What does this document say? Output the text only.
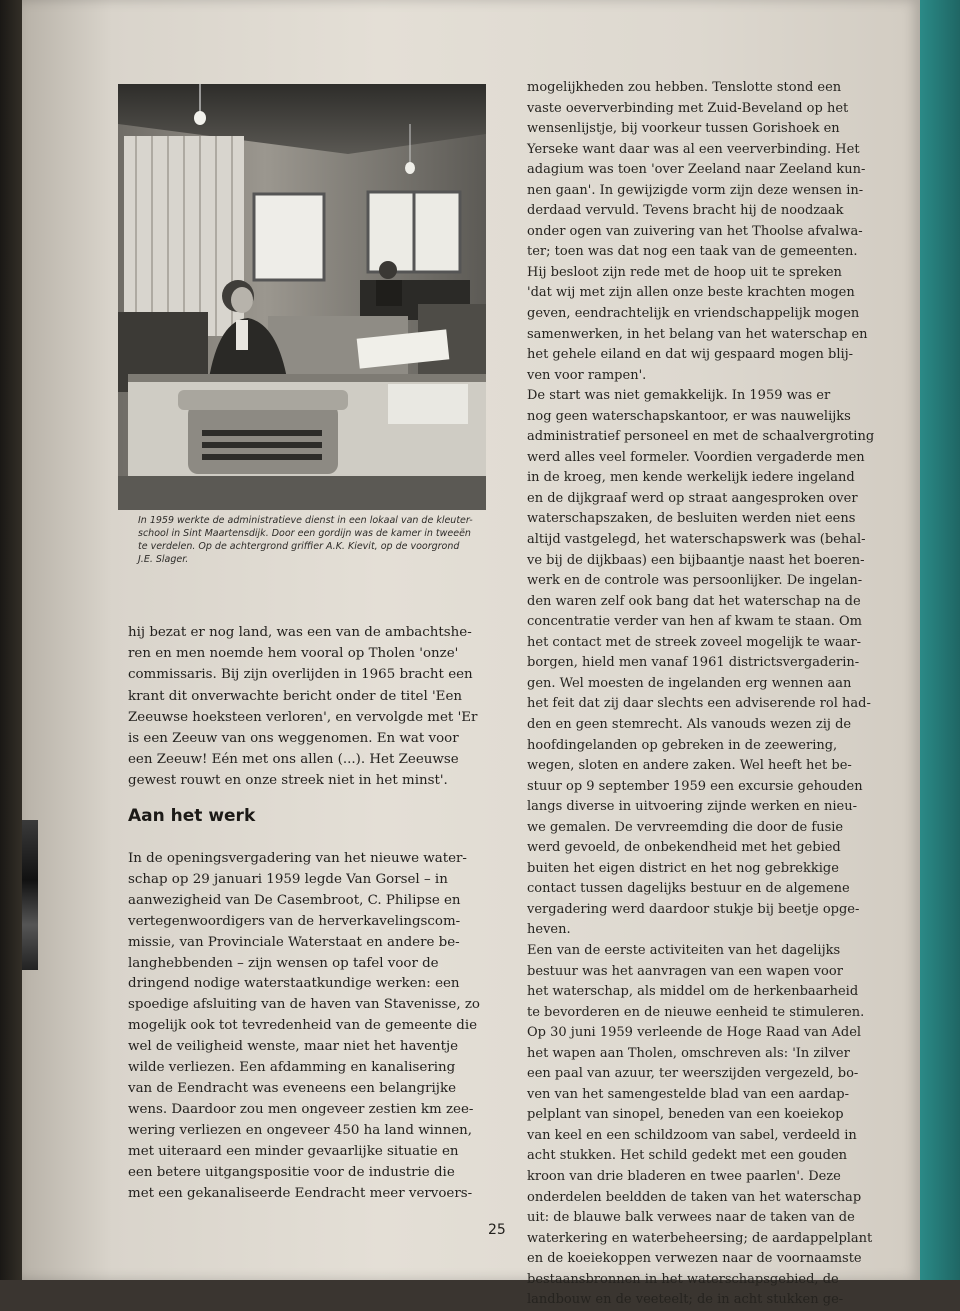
In 1959 werkte de administratieve dienst in een lokaal van de kleuter-
school in Sint Maartensdijk. Door een gordijn was de kamer in tweeën
te verdelen. Op de achtergrond griffier A.K. Kievit, op de voorgrond
J.E. Slager.
hij bezat er nog land, was een van de ambachtshe-
ren en men noemde hem vooral op Tholen 'onze'
commissaris. Bij zijn overlijden in 1965 bracht een
krant dit onverwachte bericht onder de titel 'Een
Zeeuwse hoeksteen verloren', en vervolgde met 'Er
is een Zeeuw van ons weggenomen. En wat voor
een Zeeuw! Eén met ons allen (...). Het Zeeuwse
gewest rouwt en onze streek niet in het minst'.
Aan het werk
In de openingsvergadering van het nieuwe water-
schap op 29 januari 1959 legde Van Gorsel – in
aanwezigheid van De Casembroot, C. Philipse en
vertegenwoordigers van de herverkavelingscom-
missie, van Provinciale Waterstaat en andere be-
langhebbenden – zijn wensen op tafel voor de
dringend nodige waterstaatkundige werken: een
spoedige afsluiting van de haven van Stavenisse, zo
mogelijk ook tot tevredenheid van de gemeente die
wel de veiligheid wenste, maar niet het haventje
wilde verliezen. Een afdamming en kanalisering
van de Eendracht was eveneens een belangrijke
wens. Daardoor zou men ongeveer zestien km zee-
wering verliezen en ongeveer 450 ha land winnen,
met uiteraard een minder gevaarlijke situatie en
een betere uitgangspositie voor de industrie die
met een gekanaliseerde Eendracht meer vervoers-
mogelijkheden zou hebben. Tenslotte stond een
vaste oeververbinding met Zuid-Beveland op het
wensenlijstje, bij voorkeur tussen Gorishoek en
Yerseke want daar was al een veerverbinding. Het
adagium was toen 'over Zeeland naar Zeeland kun-
nen gaan'. In gewijzigde vorm zijn deze wensen in-
derdaad vervuld. Tevens bracht hij de noodzaak
onder ogen van zuivering van het Thoolse afvalwa-
ter; toen was dat nog een taak van de gemeenten.
Hij besloot zijn rede met de hoop uit te spreken
'dat wij met zijn allen onze beste krachten mogen
geven, eendrachtelijk en vriendschappelijk mogen
samenwerken, in het belang van het waterschap en
het gehele eiland en dat wij gespaard mogen blij-
ven voor rampen'.
De start was niet gemakkelijk. In 1959 was er
nog geen waterschapskantoor, er was nauwelijks
administratief personeel en met de schaalvergroting
werd alles veel formeler. Voordien vergaderde men
in de kroeg, men kende werkelijk iedere ingeland
en de dijkgraaf werd op straat aangesproken over
waterschapszaken, de besluiten werden niet eens
altijd vastgelegd, het waterschapswerk was (behal-
ve bij de dijkbaas) een bijbaantje naast het boeren-
werk en de controle was persoonlijker. De ingelan-
den waren zelf ook bang dat het waterschap na de
concentratie verder van hen af kwam te staan. Om
het contact met de streek zoveel mogelijk te waar-
borgen, hield men vanaf 1961 districtsvergaderin-
gen. Wel moesten de ingelanden erg wennen aan
het feit dat zij daar slechts een adviserende rol had-
den en geen stemrecht. Als vanouds wezen zij de
hoofdingelanden op gebreken in de zeewering,
wegen, sloten en andere zaken. Wel heeft het be-
stuur op 9 september 1959 een excursie gehouden
langs diverse in uitvoering zijnde werken en nieu-
we gemalen. De vervreemding die door de fusie
werd gevoeld, de onbekendheid met het gebied
buiten het eigen district en het nog gebrekkige
contact tussen dagelijks bestuur en de algemene
vergadering werd daardoor stukje bij beetje opge-
heven.
Een van de eerste activiteiten van het dagelijks
bestuur was het aanvragen van een wapen voor
het waterschap, als middel om de herkenbaarheid
te bevorderen en de nieuwe eenheid te stimuleren.
Op 30 juni 1959 verleende de Hoge Raad van Adel
het wapen aan Tholen, omschreven als: 'In zilver
een paal van azuur, ter weerszijden vergezeld, bo-
ven van het samengestelde blad van een aardap-
pelplant van sinopel, beneden van een koeiekop
van keel en een schildzoom van sabel, verdeeld in
acht stukken. Het schild gedekt met een gouden
kroon van drie bladeren en twee paarlen'. Deze
onderdelen beeldden de taken van het waterschap
uit: de blauwe balk verwees naar de taken van de
waterkering en waterbeheersing; de aardappelplant
en de koeiekoppen verwezen naar de voornaamste
bestaansbronnen in het waterschapsgebied, de
landbouw en de veeteelt; de in acht stukken ge-
25
